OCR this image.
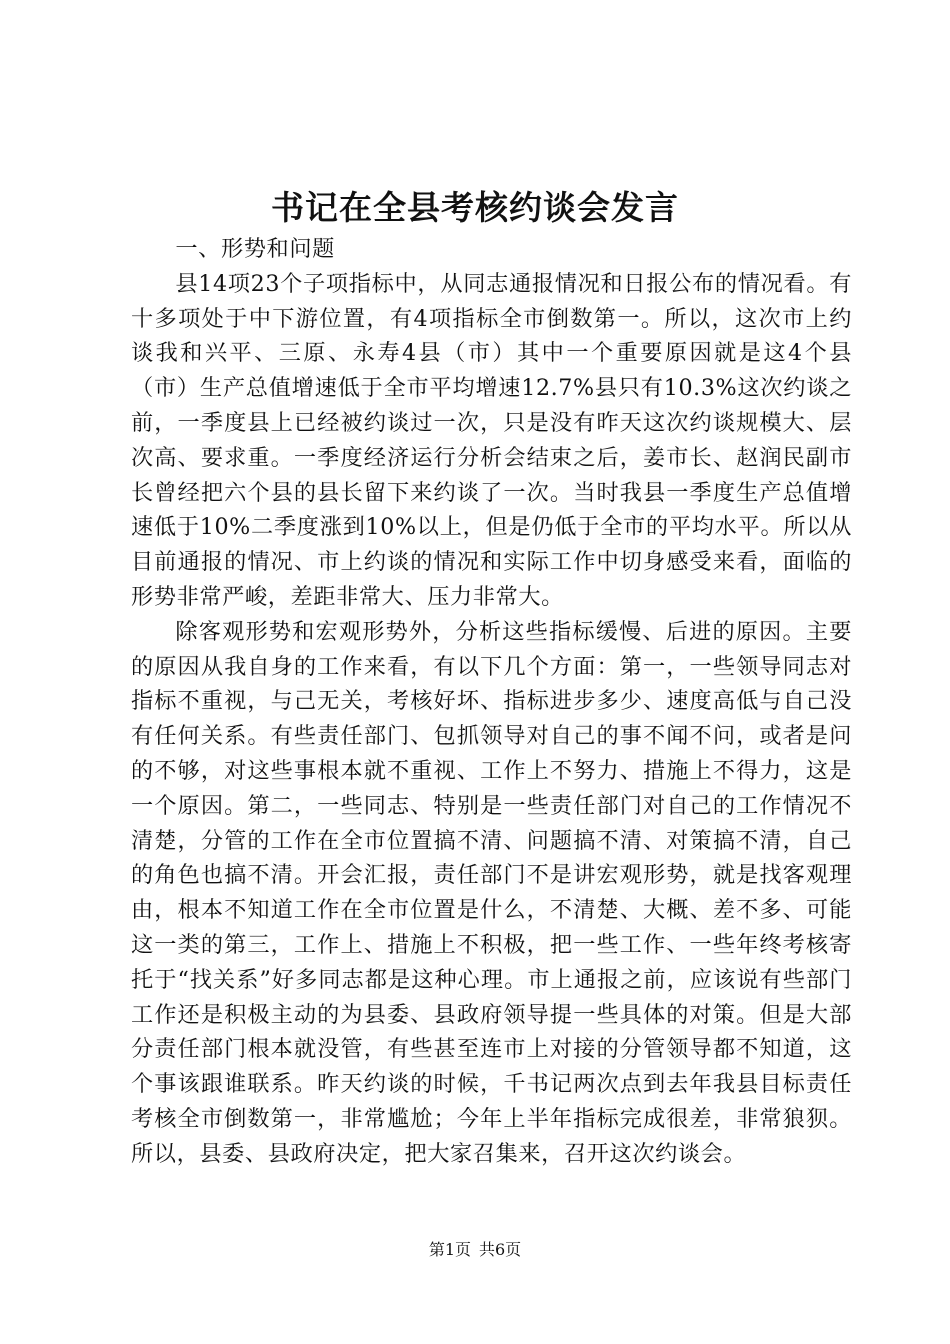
书记在全县考核约谈会发言

一、形势和问题

县14项23个子项指标中，从同志通报情况和日报公布的情况看。有十多项处于中下游位置，有4项指标全市倒数第一。所以，这次市上约谈我和兴平、三原、永寿4县（市）其中一个重要原因就是这4个县（市）生产总值增速低于全市平均增速12.7%县只有10.3%这次约谈之前，一季度县上已经被约谈过一次，只是没有昨天这次约谈规模大、层次高、要求重。一季度经济运行分析会结束之后，姜市长、赵润民副市长曾经把六个县的县长留下来约谈了一次。当时我县一季度生产总值增速低于10%二季度涨到10%以上，但是仍低于全市的平均水平。所以从目前通报的情况、市上约谈的情况和实际工作中切身感受来看，面临的形势非常严峻，差距非常大、压力非常大。

除客观形势和宏观形势外，分析这些指标缓慢、后进的原因。主要的原因从我自身的工作来看，有以下几个方面：第一，一些领导同志对指标不重视，与己无关，考核好坏、指标进步多少、速度高低与自己没有任何关系。有些责任部门、包抓领导对自己的事不闻不问，或者是问的不够，对这些事根本就不重视、工作上不努力、措施上不得力，这是一个原因。第二，一些同志、特别是一些责任部门对自己的工作情况不清楚，分管的工作在全市位置搞不清、问题搞不清、对策搞不清，自己的角色也搞不清。开会汇报，责任部门不是讲宏观形势，就是找客观理由，根本不知道工作在全市位置是什么，不清楚、大概、差不多、可能这一类的第三，工作上、措施上不积极，把一些工作、一些年终考核寄托于“找关系”好多同志都是这种心理。市上通报之前，应该说有些部门工作还是积极主动的为县委、县政府领导提一些具体的对策。但是大部分责任部门根本就没管，有些甚至连市上对接的分管领导都不知道，这个事该跟谁联系。昨天约谈的时候，千书记两次点到去年我县目标责任考核全市倒数第一，非常尴尬；今年上半年指标完成很差，非常狼狈。所以，县委、县政府决定，把大家召集来，召开这次约谈会。

第1页 共6页
